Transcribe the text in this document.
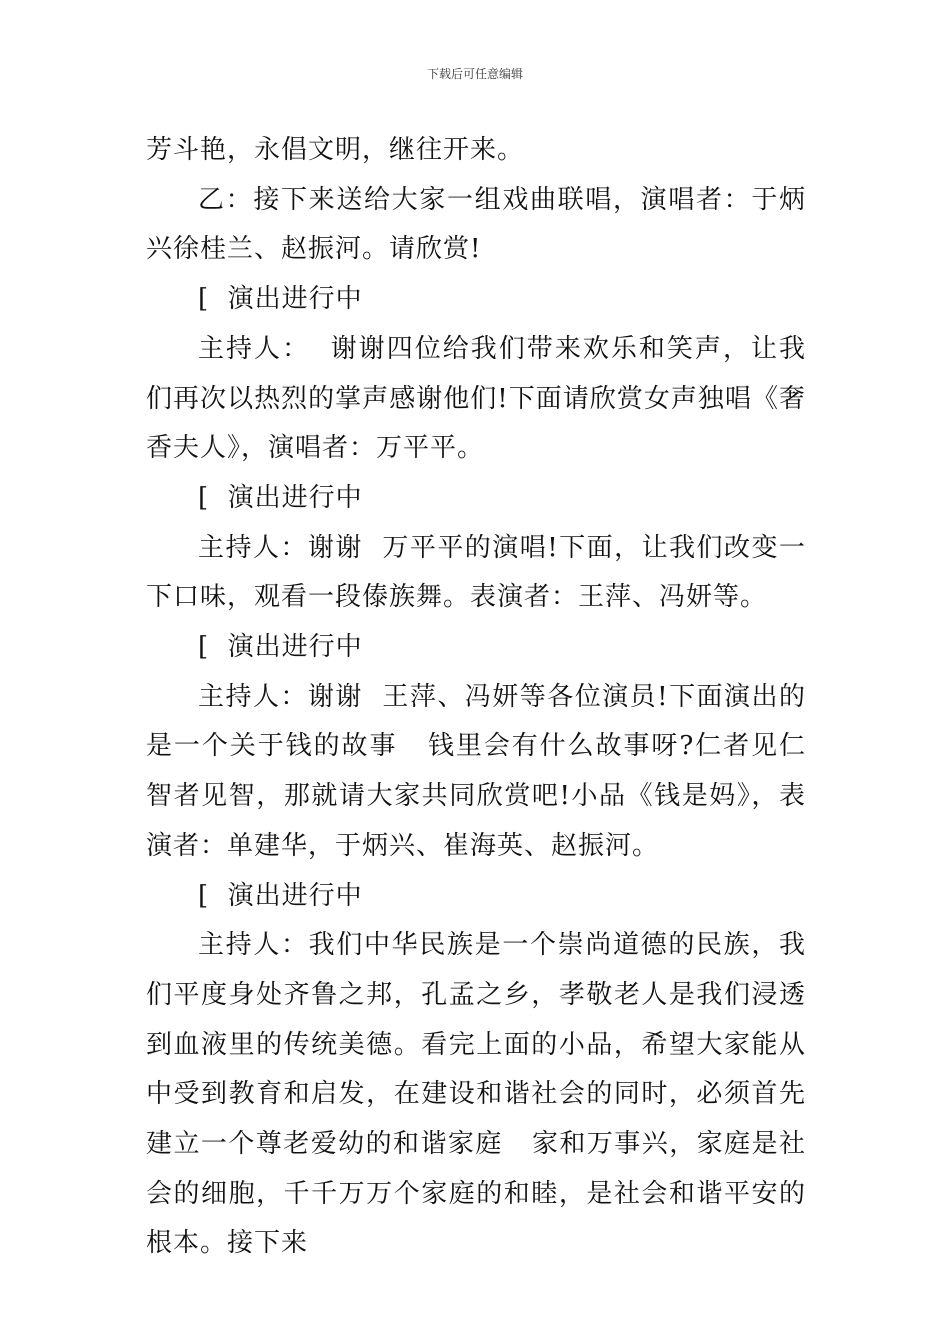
下载后可任意编辑

芳斗艳，永倡文明，继往开来。

乙：接下来送给大家一组戏曲联唱，演唱者：于炳兴徐桂兰、赵振河。请欣赏!

[  演出进行中

主持人：  谢谢四位给我们带来欢乐和笑声，让我们再次以热烈的掌声感谢他们!下面请欣赏女声独唱《奢香夫人》，演唱者：万平平。

[  演出进行中

主持人：谢谢  万平平的演唱!下面，让我们改变一下口味，观看一段傣族舞。表演者：王萍、冯妍等。

[  演出进行中

主持人：谢谢  王萍、冯妍等各位演员!下面演出的是一个关于钱的故事   钱里会有什么故事呀?仁者见仁智者见智，那就请大家共同欣赏吧!小品《钱是妈》，表演者：单建华，于炳兴、崔海英、赵振河。

[  演出进行中

主持人：我们中华民族是一个崇尚道德的民族，我们平度身处齐鲁之邦，孔孟之乡，孝敬老人是我们浸透到血液里的传统美德。看完上面的小品，希望大家能从中受到教育和启发，在建设和谐社会的同时，必须首先建立一个尊老爱幼的和谐家庭   家和万事兴，家庭是社会的细胞，千千万万个家庭的和睦，是社会和谐平安的根本。接下来
